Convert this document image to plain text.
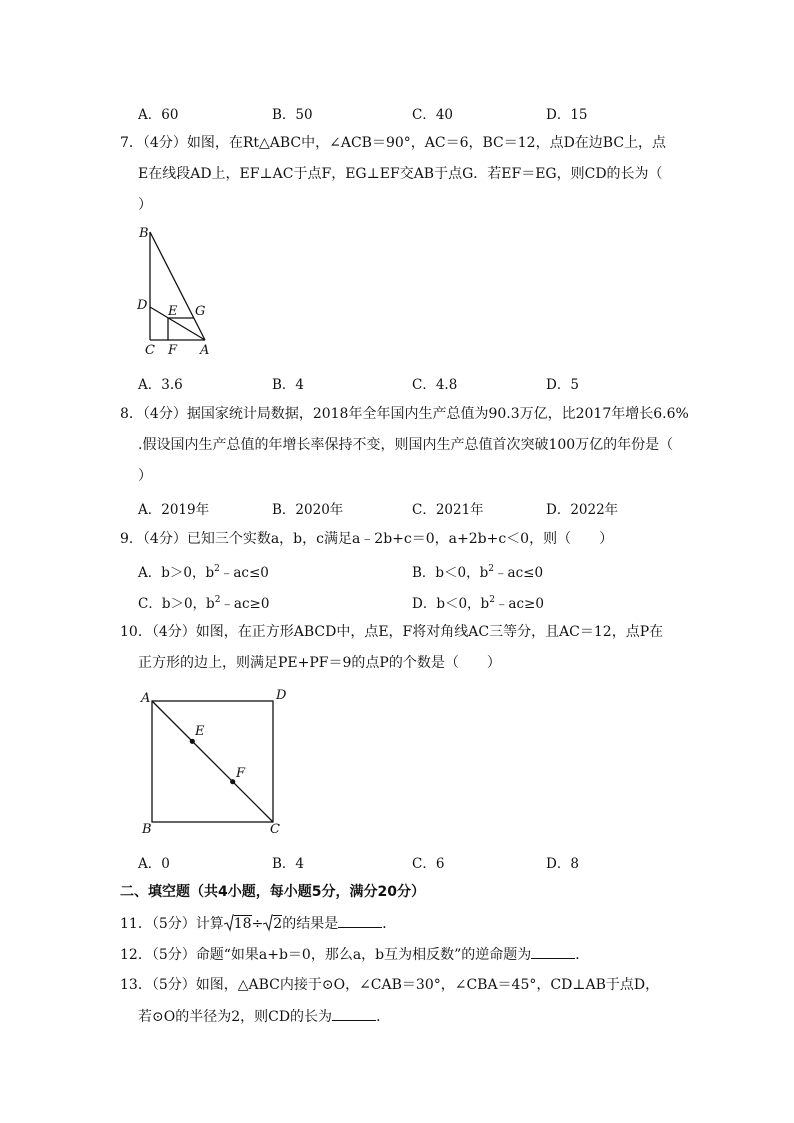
A．60	B．50	C．40	D．15
7．（4分）如图，在Rt△ABC中，∠ACB＝90°，AC＝6，BC＝12，点D在边BC上，点
E在线段AD上，EF⊥AC于点F，EG⊥EF交AB于点G．若EF＝EG，则CD的长为（
）
B
D E G
C F A
A．3.6	B．4	C．4.8	D．5
8．（4分）据国家统计局数据，2018年全年国内生产总值为90.3万亿，比2017年增长6.6%
.假设国内生产总值的年增长率保持不变，则国内生产总值首次突破100万亿的年份是（
）
A．2019年	B．2020年	C．2021年	D．2022年
9．（4分）已知三个实数a，b，c满足a﹣2b+c＝0，a+2b+c＜0，则（　　）
A．b＞0，$b^2﹣ac\le 0$	B．b＜0，$b^2﹣ac\le 0$
C．b＞0，$b^2﹣ac\ge 0$	D．b＜0，$b^2﹣ac\ge 0$
10．（4分）如图，在正方形ABCD中，点E，F将对角线AC三等分，且AC＝12，点P在
正方形的边上，则满足PE+PF＝9的点P的个数是（　　）
A	D
E
F
B	C
A．0	B．4	C．6	D．8
二、填空题（共4小题，每小题5分，满分20分）
11．（5分）计算 18÷ 2的结果是	．
12．（5分）命题“如果a+b＝0，那么a，b互为相反数”的逆命题为	．
13．（5分）如图，△ABC内接于⊙O，∠CAB＝30°，∠CBA＝45°，CD⊥AB于点D，
若⊙O的半径为2，则CD的长为	．
